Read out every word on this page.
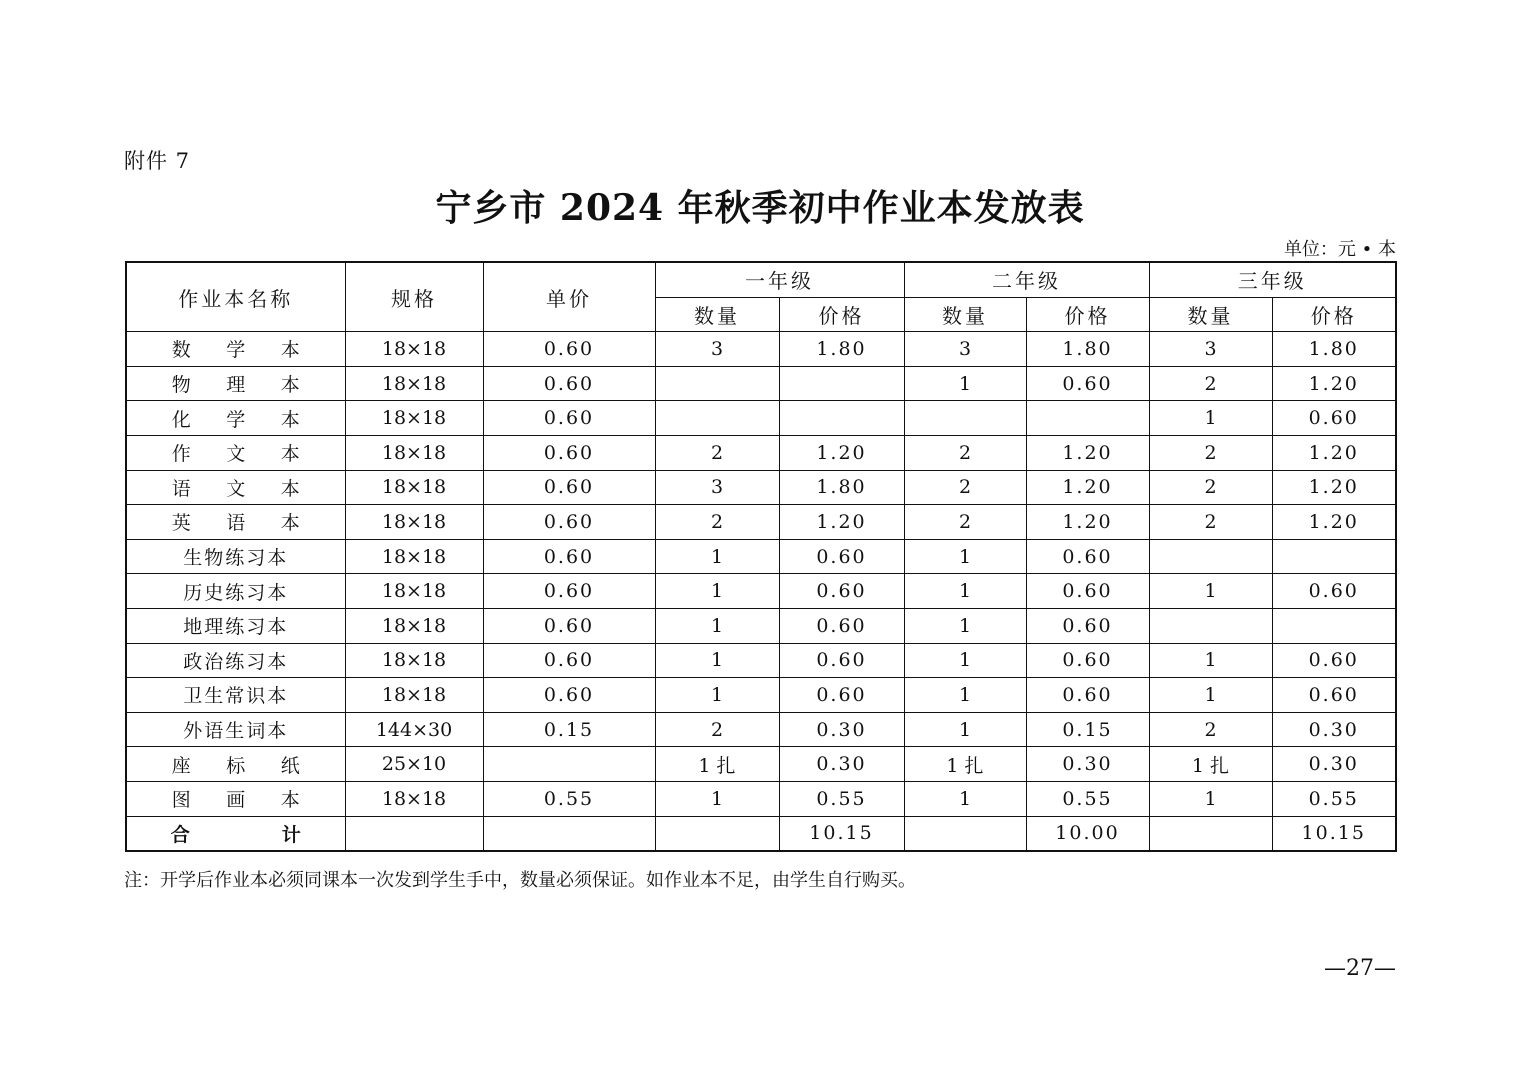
附件 7
宁乡市 2024 年秋季初中作业本发放表
单位：元 • 本
作业本名称	规格	单价	一年级		二年级		三年级	
			数量	价格	数量	价格	数量	价格

数 学 本	18×18	0.60	3	1.80	3	1.80	3	1.80

物 理 本	18×18	0.60			1	0.60	2	1.20

化 学 本	18×18	0.60					1	0.60

作 文 本	18×18	0.60	2	1.20	2	1.20	2	1.20

语 文 本	18×18	0.60	3	1.80	2	1.20	2	1.20

英 语 本	18×18	0.60	2	1.20	2	1.20	2	1.20
生物练习本	18×18	0.60	1	0.60	1	0.60		
历史练习本	18×18	0.60	1	0.60	1	0.60	1	0.60
地理练习本	18×18	0.60	1	0.60	1	0.60		
政治练习本	18×18	0.60	1	0.60	1	0.60	1	0.60
卫生常识本	18×18	0.60	1	0.60	1	0.60	1	0.60
外语生词本	144×30	0.15	2	0.30	1	0.15	2	0.30

座 标 纸	25×10		1 扎	0.30	1 扎	0.30	1 扎	0.30

图 画 本	18×18	0.55	1	0.55	1	0.55	1	0.55

合 计				10.15		10.00		10.15
注：开学后作业本必须同课本一次发到学生手中，数量必须保证。如作业本不足，由学生自行购买。
—27—
